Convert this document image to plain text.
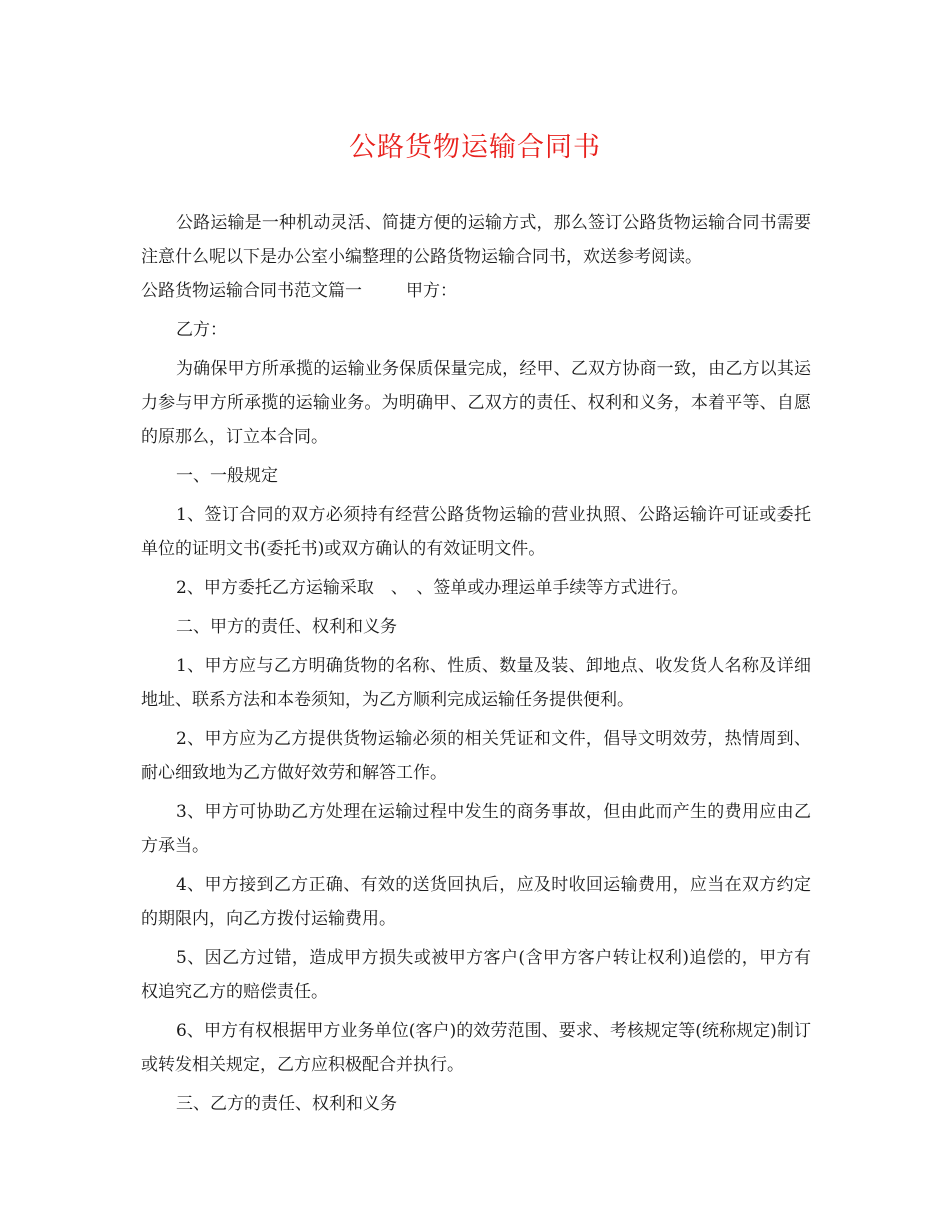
公路货物运输合同书

公路运输是一种机动灵活、简捷方便的运输方式，那么签订公路货物运输合同书需要注意什么呢以下是办公室小编整理的公路货物运输合同书，欢送参考阅读。

公路货物运输合同书范文篇一	甲方：

乙方：

为确保甲方所承揽的运输业务保质保量完成，经甲、乙双方协商一致，由乙方以其运力参与甲方所承揽的运输业务。为明确甲、乙双方的责任、权利和义务，本着平等、自愿的原那么，订立本合同。

一、一般规定

1、签订合同的双方必须持有经营公路货物运输的营业执照、公路运输许可证或委托单位的证明文书(委托书)或双方确认的有效证明文件。

2、甲方委托乙方运输采取　、　、签单或办理运单手续等方式进行。

二、甲方的责任、权利和义务

1、甲方应与乙方明确货物的名称、性质、数量及装、卸地点、收发货人名称及详细地址、联系方法和本卷须知，为乙方顺利完成运输任务提供便利。

2、甲方应为乙方提供货物运输必须的相关凭证和文件，倡导文明效劳，热情周到、耐心细致地为乙方做好效劳和解答工作。

3、甲方可协助乙方处理在运输过程中发生的商务事故，但由此而产生的费用应由乙方承当。

4、甲方接到乙方正确、有效的送货回执后，应及时收回运输费用，应当在双方约定的期限内，向乙方拨付运输费用。

5、因乙方过错，造成甲方损失或被甲方客户(含甲方客户转让权利)追偿的，甲方有权追究乙方的赔偿责任。

6、甲方有权根据甲方业务单位(客户)的效劳范围、要求、考核规定等(统称规定)制订或转发相关规定，乙方应积极配合并执行。

三、乙方的责任、权利和义务
